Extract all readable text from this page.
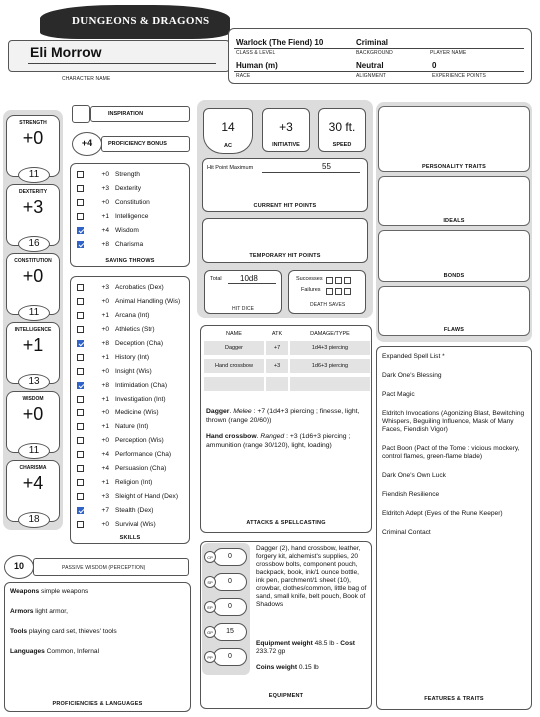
DUNGEONS & DRAGONS
Eli Morrow
CHARACTER NAME
Warlock (The Fiend) 10	Criminal
CLASS & LEVEL	BACKGROUND	PLAYER NAME
Human (m)	Neutral	0
RACE	ALIGNMENT	EXPERIENCE POINTS
INSPIRATION
+4	PROFICIENCY BONUS
+0 Strength
+3 Dexterity
+0 Constitution
+1 Intelligence
+4 Wisdom
+8 Charisma
SAVING THROWS
+3 Acrobatics (Dex)
+0 Animal Handling (Wis)
+1 Arcana (Int)
+0 Athletics (Str)
+8 Deception (Cha)
+1 History (Int)
+0 Insight (Wis)
+8 Intimidation (Cha)
+1 Investigation (Int)
+0 Medicine (Wis)
+1 Nature (Int)
+0 Perception (Wis)
+4 Performance (Cha)
+4 Persuasion (Cha)
+1 Religion (Int)
+3 Sleight of Hand (Dex)
+7 Stealth (Dex)
+0 Survival (Wis)
SKILLS
10	PASSIVE WISDOM (PERCEPTION)
Weapons simple weapons
Armors light armor,
Tools playing card set, thieves' tools
Languages Common, Infernal
PROFICIENCIES & LANGUAGES
14
AC
+3
INITIATIVE
30 ft.
SPEED
Hit Point Maximum	55
CURRENT HIT POINTS
TEMPORARY HIT POINTS
Total 10d8
HIT DICE
Successes
Failures
DEATH SAVES
NAME	ATK	DAMAGE/TYPE
Dagger	+7	1d4+3 piercing
Hand crossbow	+3	1d6+3 piercing
Dagger. Melee : +7 (1d4+3 piercing ; finesse, light, thrown (range 20/60))
Hand crossbow. Ranged : +3 (1d6+3 piercing ; ammunition (range 30/120), light, loading)
ATTACKS & SPELLCASTING
Dagger (2), hand crossbow, leather, forgery kit, alchemist's supplies, 20 crossbow bolts, component pouch, backpack, book, ink/1 ounce bottle, ink pen, parchment/1 sheet (10), crowbar, clothes/common, little bag of sand, small knife, belt pouch, Book of Shadows
Equipment weight 48.5 lb - Cost 233.72 gp
Coins weight 0.15 lb
EQUIPMENT
PERSONALITY TRAITS
IDEALS
BONDS
FLAWS

Expanded Spell List *

Dark One's Blessing

Pact Magic

Eldritch Invocations (Agonizing Blast, Bewitching Whispers, Beguiling Influence, Mask of Many Faces, Fiendish Vigor)

Pact Boon (Pact of the Tome : vicious mockery, control flames, green-flame blade)

Dark One's Own Luck

Fiendish Resilience

Eldritch Adept (Eyes of the Rune Keeper)

Criminal Contact

FEATURES & TRAITS
STRENGTH
+0
11
DEXTERITY
+3
16
CONSTITUTION
+0
11
INTELLIGENCE
+1
13
WISDOM
+0
11
CHARISMA
+4
18
0
CP
0
SP
0
EP
15
GP
0
PP
